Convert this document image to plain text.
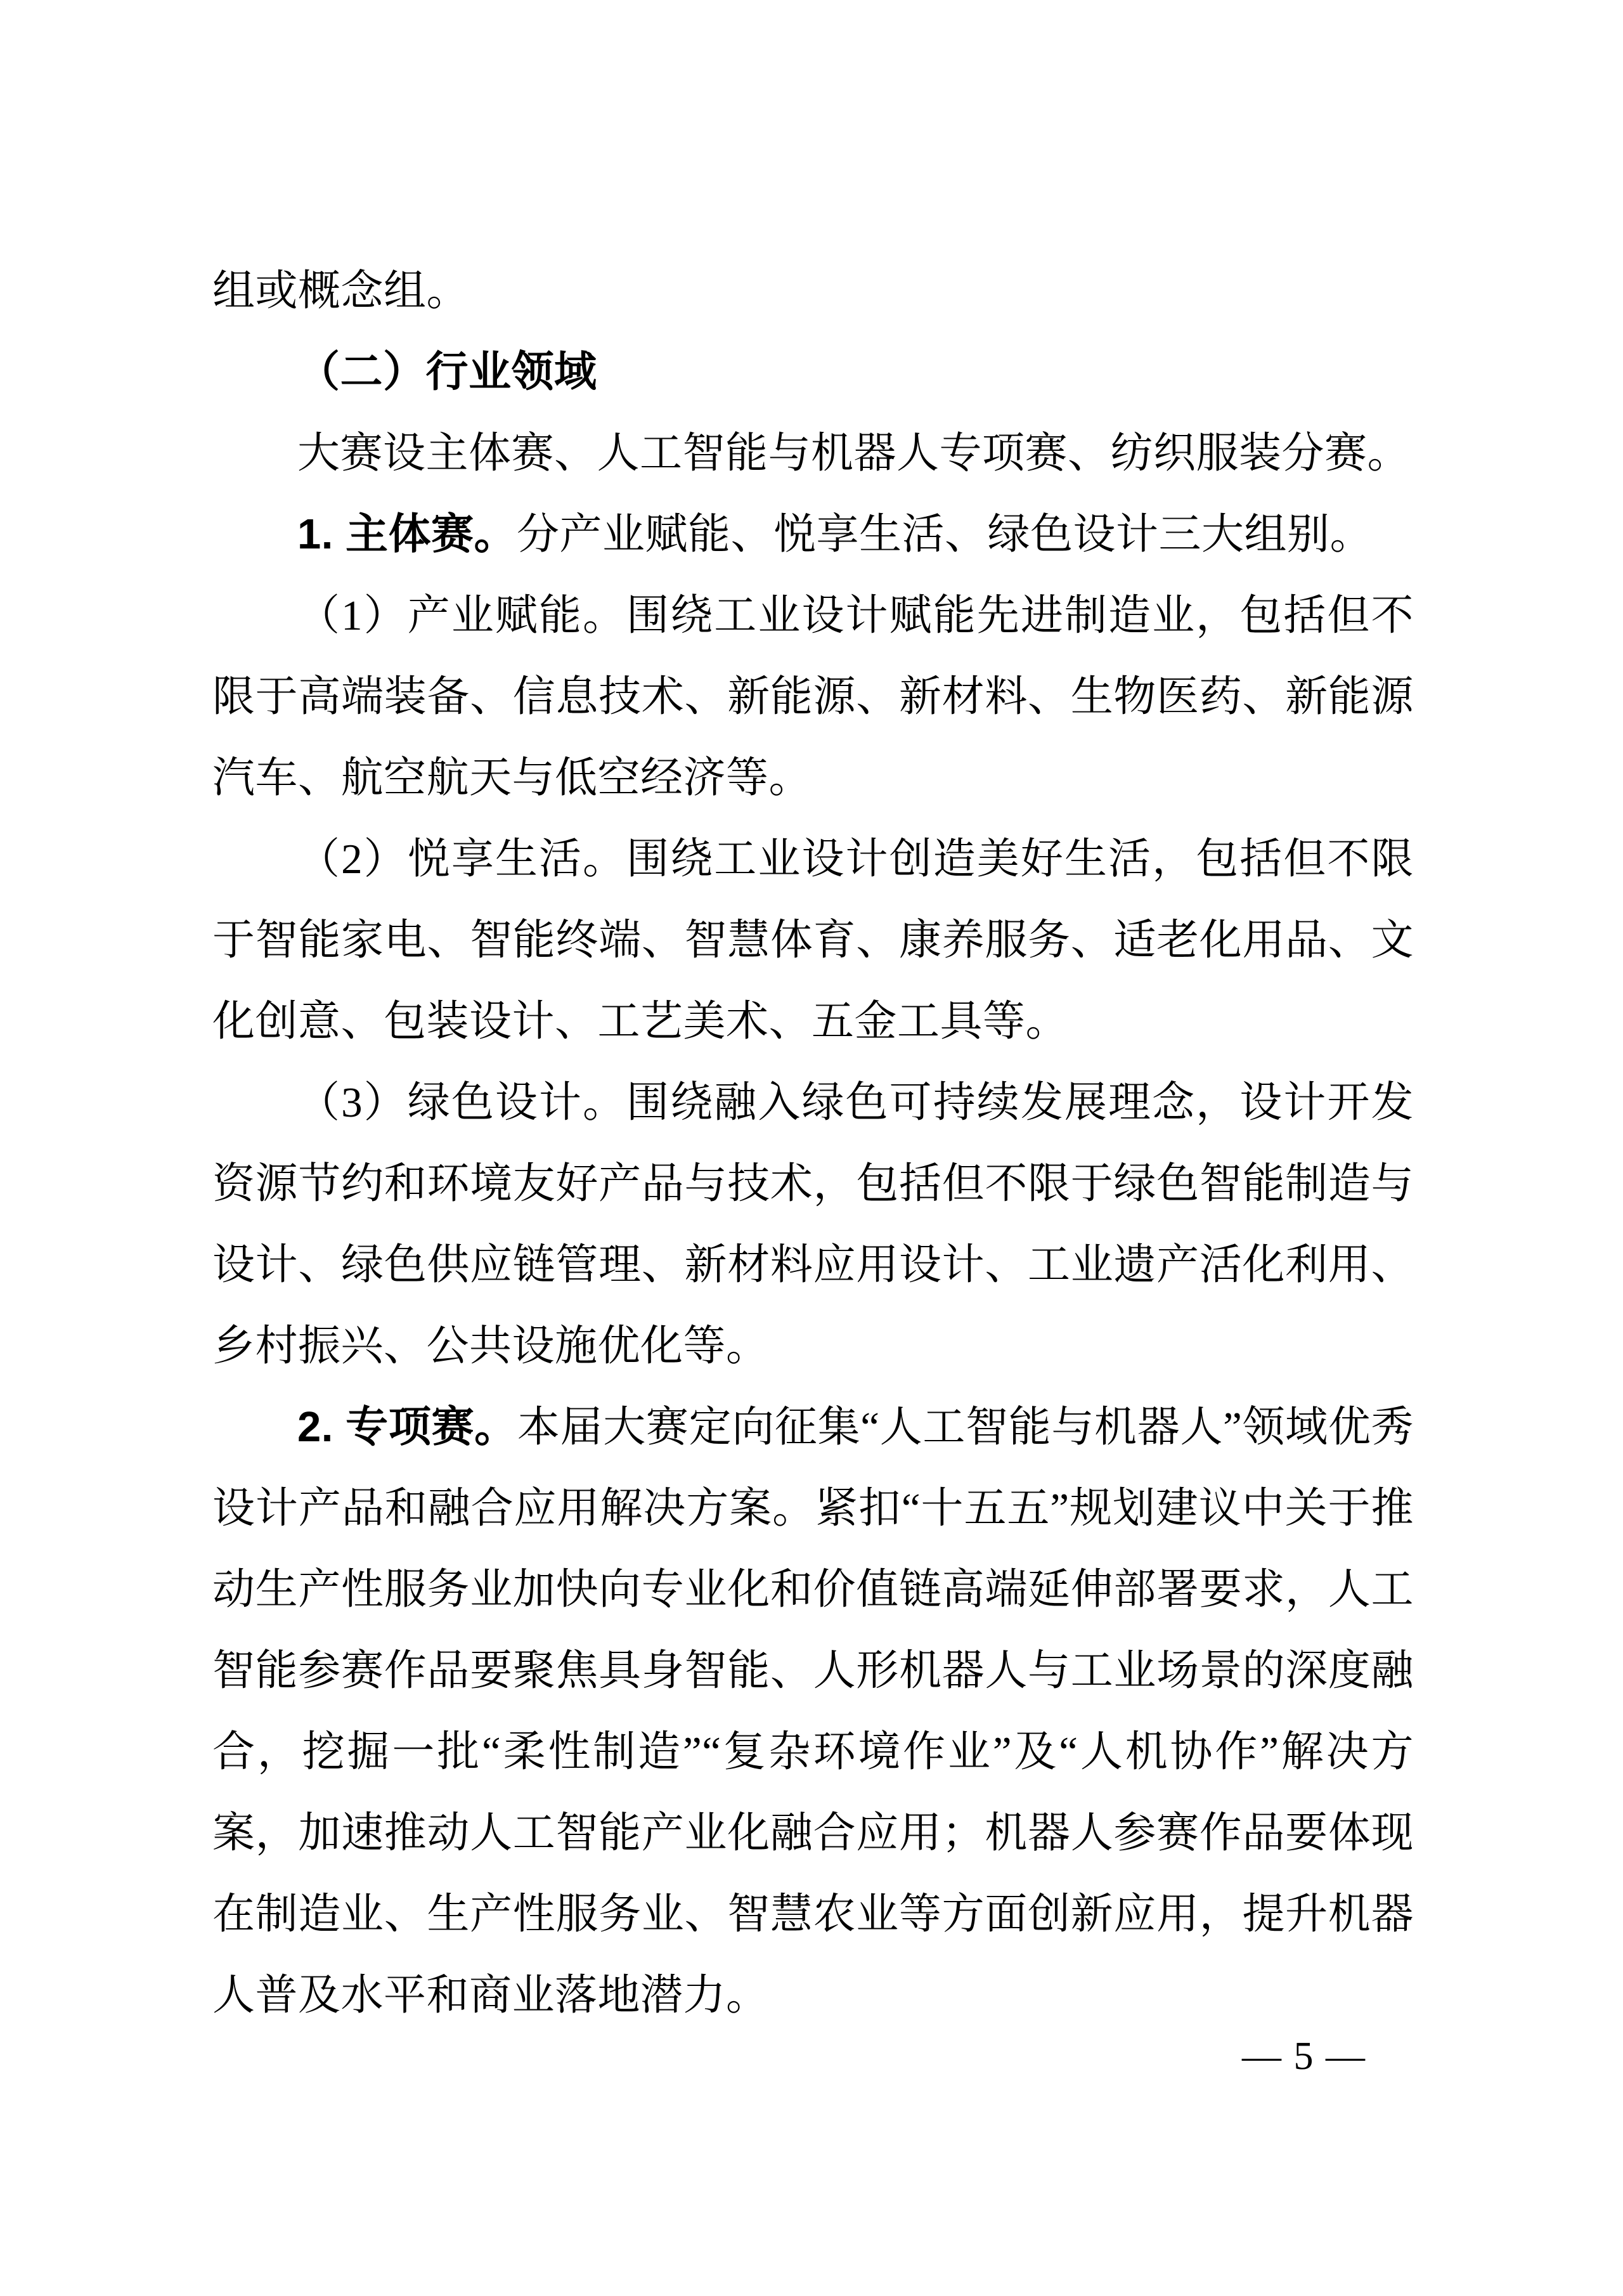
组或概念组。

（二）行业领域

大赛设主体赛、人工智能与机器人专项赛、纺织服装分赛。

1. 主体赛。分产业赋能、悦享生活、绿色设计三大组别。

（1）产业赋能。围绕工业设计赋能先进制造业，包括但不限于高端装备、信息技术、新能源、新材料、生物医药、新能源汽车、航空航天与低空经济等。

（2）悦享生活。围绕工业设计创造美好生活，包括但不限于智能家电、智能终端、智慧体育、康养服务、适老化用品、文化创意、包装设计、工艺美术、五金工具等。

（3）绿色设计。围绕融入绿色可持续发展理念，设计开发资源节约和环境友好产品与技术，包括但不限于绿色智能制造与设计、绿色供应链管理、新材料应用设计、工业遗产活化利用、乡村振兴、公共设施优化等。

2. 专项赛。本届大赛定向征集“人工智能与机器人”领域优秀设计产品和融合应用解决方案。紧扣“十五五”规划建议中关于推动生产性服务业加快向专业化和价值链高端延伸部署要求，人工智能参赛作品要聚焦具身智能、人形机器人与工业场景的深度融合，挖掘一批“柔性制造”“复杂环境作业”及“人机协作”解决方案，加速推动人工智能产业化融合应用；机器人参赛作品要体现在制造业、生产性服务业、智慧农业等方面创新应用，提升机器人普及水平和商业落地潜力。

— 5 —
